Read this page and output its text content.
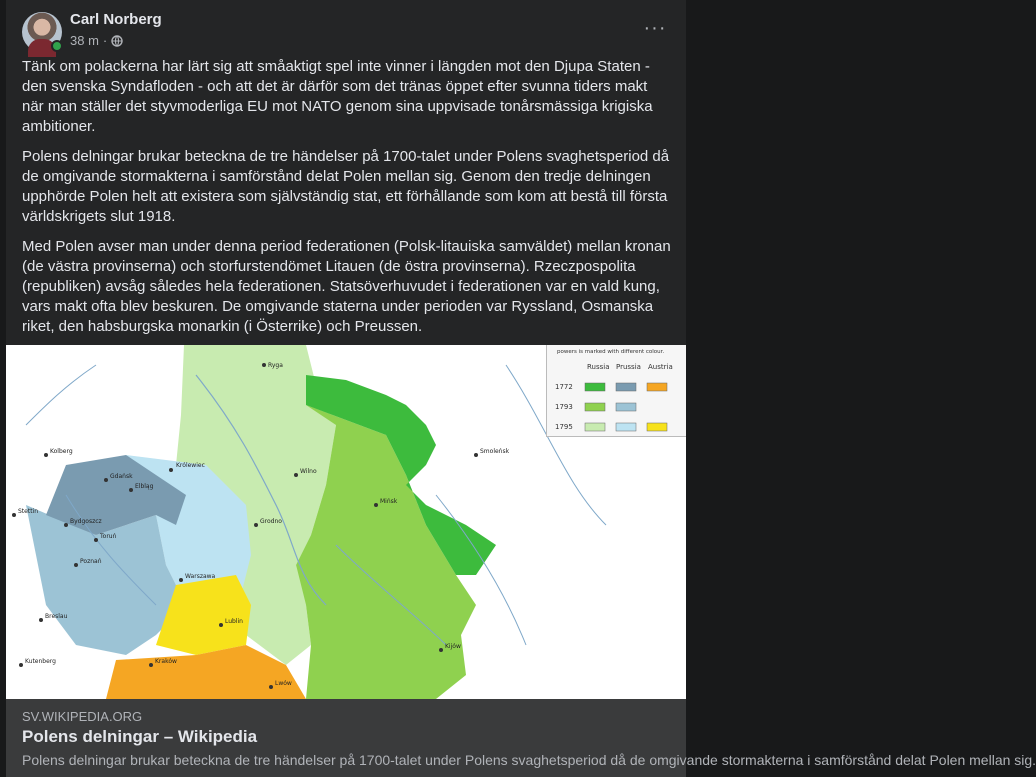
Carl Norberg
38 m ·
···

Tänk om polackerna har lärt sig att småaktigt spel inte vinner i längden mot den Djupa Staten - den svenska Syndafloden - och att det är därför som det tränas öppet efter svunna tiders makt när man ställer det styvmoderliga EU mot NATO genom sina uppvisade tonårsmässiga krigiska ambitioner.

Polens delningar brukar beteckna de tre händelser på 1700-talet under Polens svaghetsperiod då de omgivande stormakterna i samförstånd delat Polen mellan sig. Genom den tredje delningen upphörde Polen helt att existera som självständig stat, ett förhållande som kom att bestå till första världskrigets slut 1918.

Med Polen avser man under denna period federationen (Polsk-litauiska samväldet) mellan kronan (de västra provinserna) och storfurstendömet Litauen (de östra provinserna). Rzeczpospolita (republiken) avsåg således hela federationen. Statsöverhuvudet i federationen var en vald kung, vars makt ofta blev beskuren. De omgivande staterna under perioden var Ryssland, Osmanska riket, den habsburgska monarkin (i Österrike) och Preussen.

Ryga
Królewiec
Gdańsk
Elbląg
Bydgoszcz
Toruń
Poznań
Wilno
Grodno
Warszawa
Lublin
Kraków
Lwów
Mińsk
Kijów
Smoleńsk
Stettin
Breslau
Kolberg
Kutenberg
powers is marked with different colour.
Russia Prussia Austria
1772
1793
1795
SV.WIKIPEDIA.ORG
Polens delningar – Wikipedia
Polens delningar brukar beteckna de tre händelser på 1700-talet under Polens svaghetsperiod då de omgivande stormakterna i samförstånd delat Polen mellan sig.
